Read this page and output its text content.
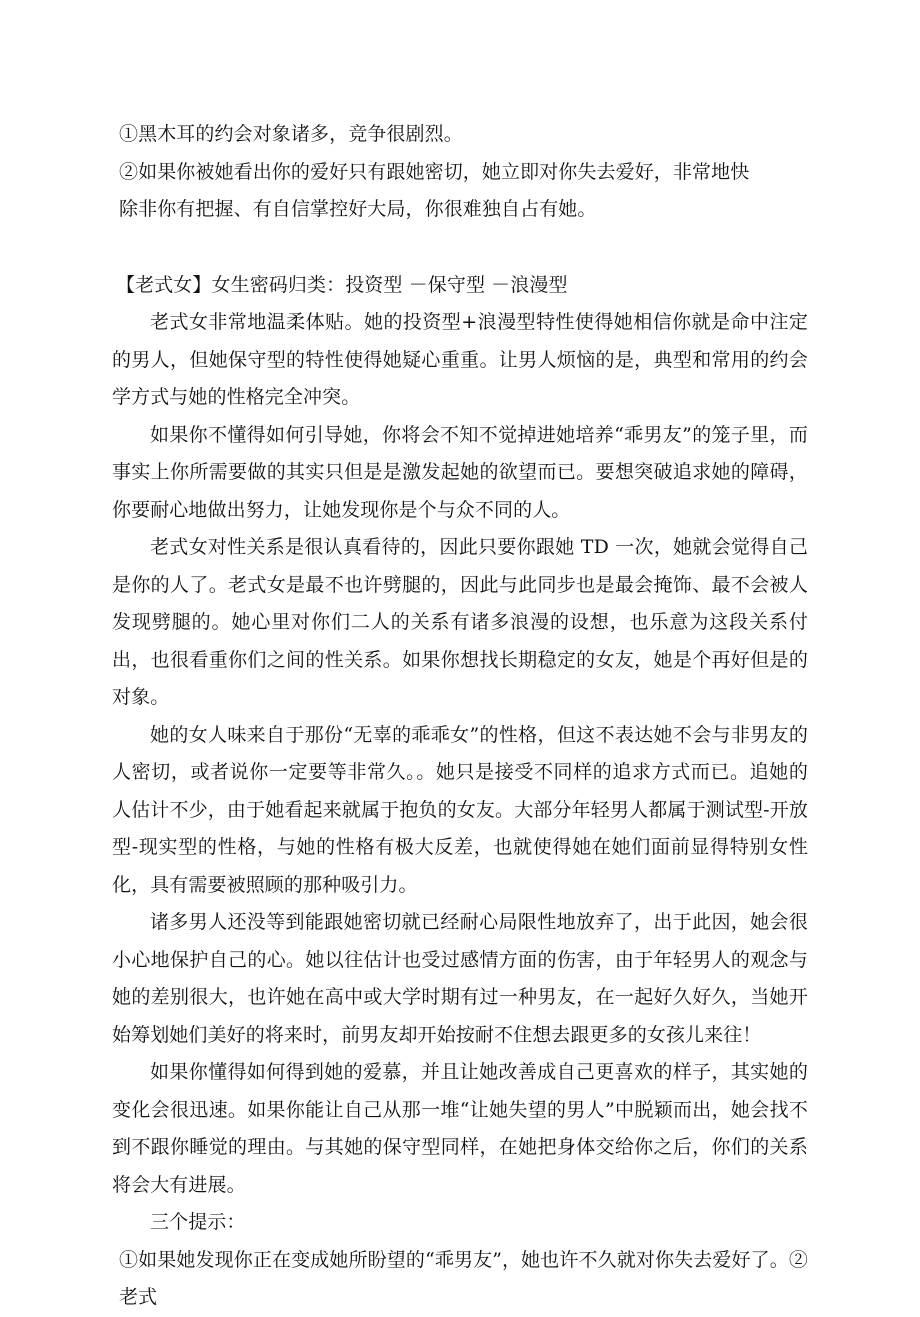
①黑木耳的约会对象诸多，竞争很剧烈。

②如果你被她看出你的爱好只有跟她密切，她立即对你失去爱好，非常地快

除非你有把握、有自信掌控好大局，你很难独自占有她。

【老式女】女生密码归类：投资型 －保守型 －浪漫型

老式女非常地温柔体贴。她的投资型+浪漫型特性使得她相信你就是命中注定的男人，但她保守型的特性使得她疑心重重。让男人烦恼的是，典型和常用的约会学方式与她的性格完全冲突。

如果你不懂得如何引导她，你将会不知不觉掉进她培养“乖男友”的笼子里，而事实上你所需要做的其实只但是是激发起她的欲望而已。要想突破追求她的障碍，你要耐心地做出努力，让她发现你是个与众不同的人。

老式女对性关系是很认真看待的，因此只要你跟她 TD 一次，她就会觉得自己是你的人了。老式女是最不也许劈腿的，因此与此同步也是最会掩饰、最不会被人发现劈腿的。她心里对你们二人的关系有诸多浪漫的设想，也乐意为这段关系付出，也很看重你们之间的性关系。如果你想找长期稳定的女友，她是个再好但是的对象。

她的女人味来自于那份“无辜的乖乖女”的性格，但这不表达她不会与非男友的人密切，或者说你一定要等非常久。。她只是接受不同样的追求方式而已。追她的人估计不少，由于她看起来就属于抱负的女友。大部分年轻男人都属于测试型-开放型-现实型的性格，与她的性格有极大反差，也就使得她在她们面前显得特别女性化，具有需要被照顾的那种吸引力。

诸多男人还没等到能跟她密切就已经耐心局限性地放弃了，出于此因，她会很小心地保护自己的心。她以往估计也受过感情方面的伤害，由于年轻男人的观念与她的差别很大，也许她在高中或大学时期有过一种男友，在一起好久好久，当她开始筹划她们美好的将来时，前男友却开始按耐不住想去跟更多的女孩儿来往！

如果你懂得如何得到她的爱慕，并且让她改善成自己更喜欢的样子，其实她的变化会很迅速。如果你能让自己从那一堆“让她失望的男人”中脱颖而出，她会找不到不跟你睡觉的理由。与其她的保守型同样，在她把身体交给你之后，你们的关系将会大有进展。

三个提示：

①如果她发现你正在变成她所盼望的“乖男友”，她也许不久就对你失去爱好了。②老式
